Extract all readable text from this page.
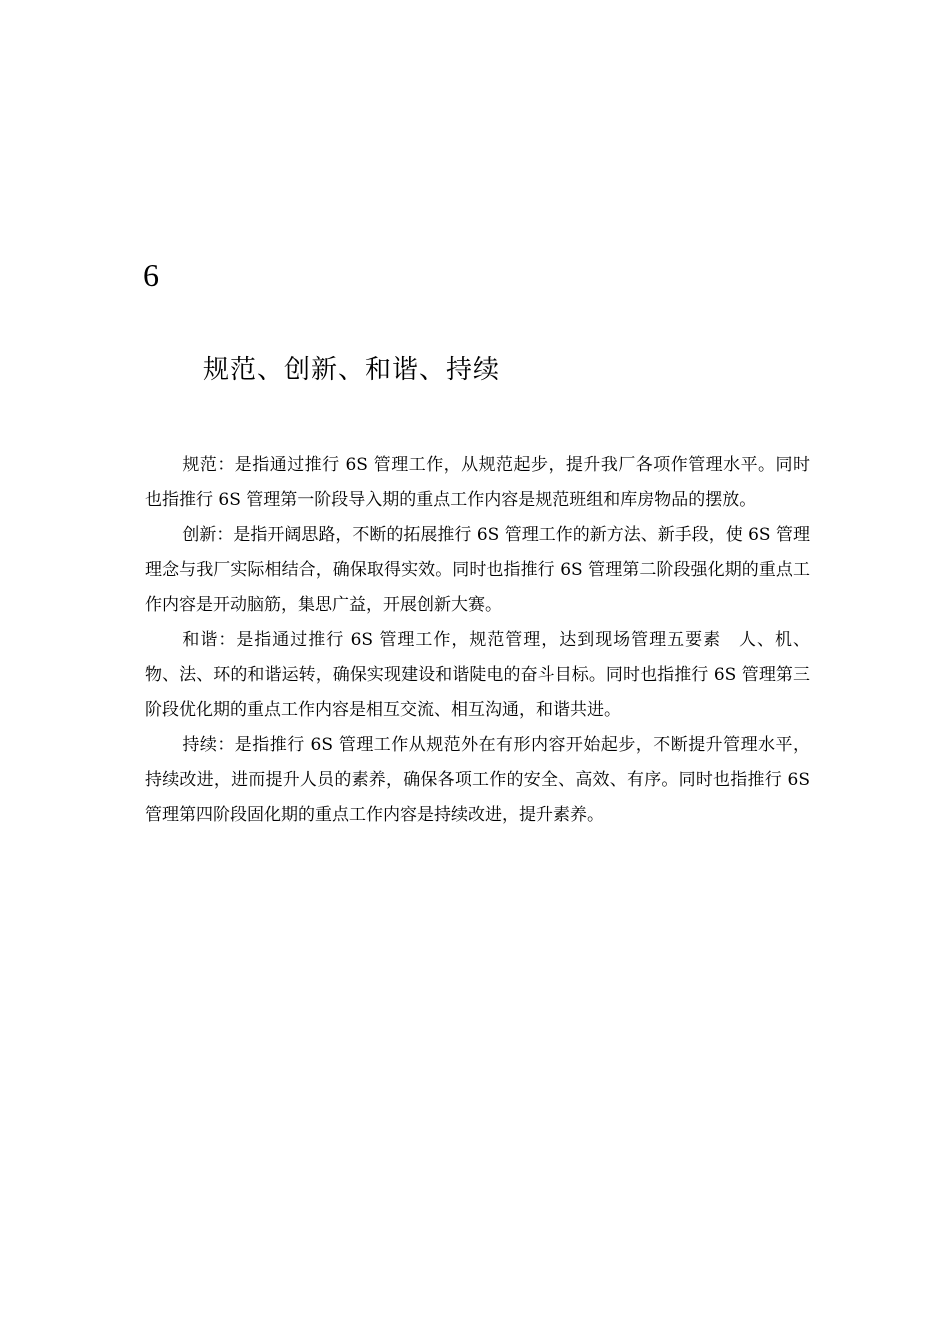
6
规范、创新、和谐、持续

规范：是指通过推行 6S 管理工作，从规范起步，提升我厂各项作管理水平。同时也指推行 6S 管理第一阶段导入期的重点工作内容是规范班组和库房物品的摆放。

创新：是指开阔思路，不断的拓展推行 6S 管理工作的新方法、新手段，使 6S 管理理念与我厂实际相结合，确保取得实效。同时也指推行 6S 管理第二阶段强化期的重点工作内容是开动脑筋，集思广益，开展创新大赛。

和谐：是指通过推行 6S 管理工作，规范管理，达到现场管理五要素　人、机、物、法、环的和谐运转，确保实现建设和谐陡电的奋斗目标。同时也指推行 6S 管理第三阶段优化期的重点工作内容是相互交流、相互沟通，和谐共进。

持续：是指推行 6S 管理工作从规范外在有形内容开始起步，不断提升管理水平，持续改进，进而提升人员的素养，确保各项工作的安全、高效、有序。同时也指推行 6S 管理第四阶段固化期的重点工作内容是持续改进，提升素养。
